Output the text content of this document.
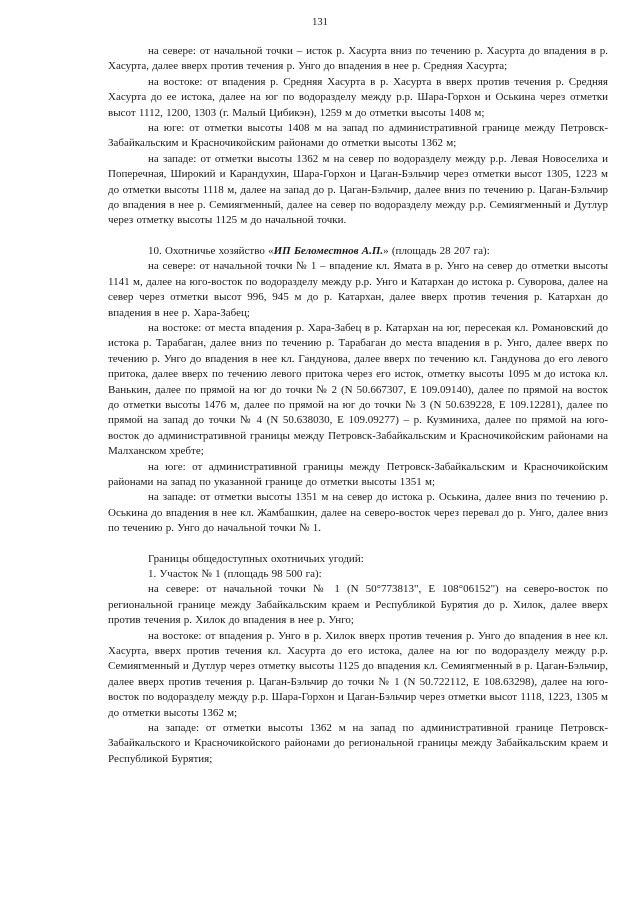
131

на севере: от начальной точки – исток р. Хасурта вниз по течению р. Хасурта до впадения в р. Хасурта, далее вверх против течения р. Унго до впадения в нее р. Средняя Хасурта;

на востоке: от впадения р. Средняя Хасурта в р. Хасурта в вверх против течения р. Средняя Хасурта до ее истока, далее на юг по водоразделу между р.р. Шара-Горхон и Оськина через отметки высот 1112, 1200, 1303 (г. Малый Цибикэн), 1259 м до отметки высоты 1408 м;

на юге: от отметки высоты 1408 м на запад по административной границе между Петровск-Забайкальским и Красночикойским районами до отметки высоты 1362 м;

на западе: от отметки высоты 1362 м на север по водоразделу между р.р. Левая Новоселиха и Поперечная, Широкий и Карандухин, Шара-Горхон и Цаган-Бэльчир через отметки высот 1305, 1223 м до отметки высоты 1118 м, далее на запад до р. Цаган-Бэльчир, далее вниз по течению р. Цаган-Бэльчир до впадения в нее р. Семиягменный, далее на север по водоразделу между р.р. Семиягменный и Дутлур через отметку высоты 1125 м до начальной точки.

10. Охотничье хозяйство «ИП Беломестнов А.П.» (площадь 28 207 га):

на севере: от начальной точки № 1 – впадение кл. Ямата в р. Унго на север до отметки высоты 1141 м, далее на юго-восток по водоразделу между р.р. Унго и Катархан до истока р. Суворова, далее на север через отметки высот 996, 945 м до р. Катархан, далее вверх против течения р. Катархан до впадения в нее р. Хара-Забец;

на востоке: от места впадения р. Хара-Забец в р. Катархан на юг, пересекая кл. Романовский до истока р. Тарабаган, далее вниз по течению р. Тарабаган до места впадения в р. Унго, далее вверх по течению р. Унго до впадения в нее кл. Гандунова, далее вверх по течению кл. Гандунова до его левого притока, далее вверх по течению левого притока через его исток, отметку высоты 1095 м до истока кл. Ванькин, далее по прямой на юг до точки № 2 (N 50.667307, E 109.09140), далее по прямой на восток до отметки высоты 1476 м, далее по прямой на юг до точки № 3 (N 50.639228, E 109.12281), далее по прямой на запад до точки № 4 (N 50.638030, E 109.09277) – р. Кузминиха, далее по прямой на юго-восток до административной границы между Петровск-Забайкальским и Красночикойским районами на Малханском хребте;

на юге: от административной границы между Петровск-Забайкальским и Красночикойским районами на запад по указанной границе до отметки высоты 1351 м;

на западе: от отметки высоты 1351 м на север до истока р. Оськина, далее вниз по течению р. Оськина до впадения в нее кл. Жамбашкин, далее на северо-восток через перевал до р. Унго, далее вниз по течению р. Унго до начальной точки № 1.

Границы общедоступных охотничьих угодий:

1. Участок № 1 (площадь 98 500 га):

на севере: от начальной точки № 1 (N 50°773813", E 108°06152") на северо-восток по региональной границе между Забайкальским краем и Республикой Бурятия до р. Хилок, далее вверх против течения р. Хилок до впадения в нее р. Унго;

на востоке: от впадения р. Унго в р. Хилок вверх против течения р. Унго до впадения в нее кл. Хасурта, вверх против течения кл. Хасурта до его истока, далее на юг по водоразделу между р.р. Семиягменный и Дутлур через отметку высоты 1125 до впадения кл. Семиягменный в р. Цаган-Бэльчир, далее вверх против течения р. Цаган-Бэльчир до точки № 1 (N 50.722112, E 108.63298), далее на юго-восток по водоразделу между р.р. Шара-Горхон и Цаган-Бэльчир через отметки высот 1118, 1223, 1305 м до отметки высоты 1362 м;

на западе: от отметки высоты 1362 м на запад по административной границе Петровск-Забайкальского и Красночикойского районами до региональной границы между Забайкальским краем и Республикой Бурятия;
